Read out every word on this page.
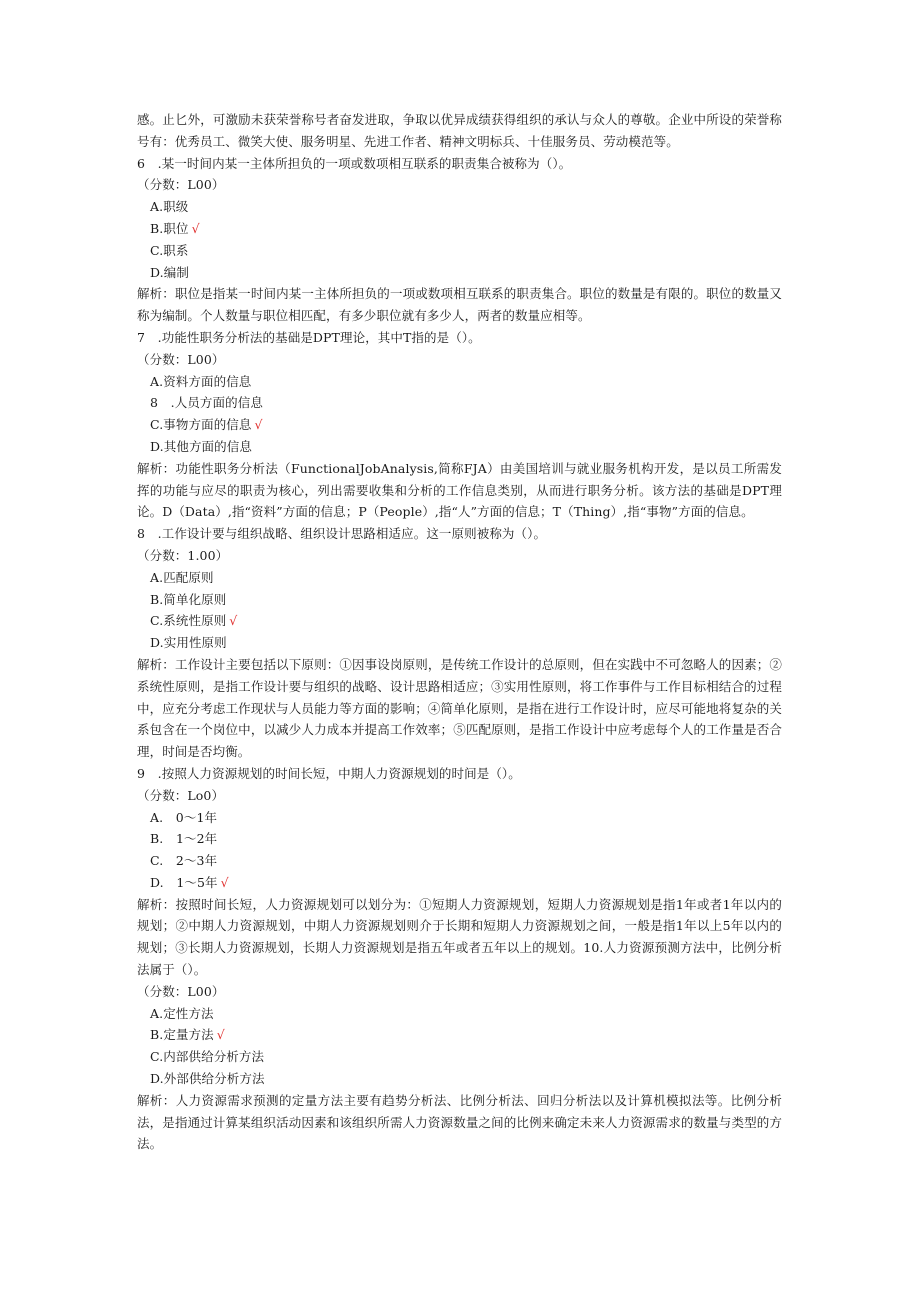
感。止匕外，可激励未获荣誉称号者奋发进取，争取以优异成绩获得组织的承认与众人的尊敬。企业中所设的荣誉称号有：优秀员工、微笑大使、服务明星、先进工作者、精神文明标兵、十佳服务员、劳动模范等。
6　.某一时间内某一主体所担负的一项或数项相互联系的职责集合被称为（）。
（分数：L00）
A.职级
B.职位 √
C.职系
D.编制
解析：职位是指某一时间内某一主体所担负的一项或数项相互联系的职责集合。职位的数量是有限的。职位的数量又称为编制。个人数量与职位相匹配，有多少职位就有多少人，两者的数量应相等。
7　.功能性职务分析法的基础是DPT理论，其中T指的是（）。
（分数：L00）
A.资料方面的信息
8　.人员方面的信息
C.事物方面的信息 √
D.其他方面的信息
解析：功能性职务分析法（FunctionalJobAnalysis,简称FJA）由美国培训与就业服务机构开发，是以员工所需发挥的功能与应尽的职责为核心，列出需要收集和分析的工作信息类别，从而进行职务分析。该方法的基础是DPT理论。D（Data）,指“资料”方面的信息；P（People）,指“人”方面的信息；T（Thing）,指“事物”方面的信息。
8　.工作设计要与组织战略、组织设计思路相适应。这一原则被称为（）。
（分数：1.00）
A.匹配原则
B.简单化原则
C.系统性原则 √
D.实用性原则
解析：工作设计主要包括以下原则：①因事设岗原则，是传统工作设计的总原则，但在实践中不可忽略人的因素；②系统性原则，是指工作设计要与组织的战略、设计思路相适应；③实用性原则，将工作事件与工作目标相结合的过程中，应充分考虑工作现状与人员能力等方面的影响；④简单化原则，是指在进行工作设计时，应尽可能地将复杂的关系包含在一个岗位中，以减少人力成本并提高工作效率；⑤匹配原则，是指工作设计中应考虑每个人的工作量是否合理，时间是否均衡。
9　.按照人力资源规划的时间长短，中期人力资源规划的时间是（）。
（分数：Lo0）
A.　0〜1年
B.　1〜2年
C.　2〜3年
D.　1〜5年 √
解析：按照时间长短，人力资源规划可以划分为：①短期人力资源规划，短期人力资源规划是指1年或者1年以内的规划；②中期人力资源规划，中期人力资源规划则介于长期和短期人力资源规划之间，一般是指1年以上5年以内的规划；③长期人力资源规划，长期人力资源规划是指五年或者五年以上的规划。10.人力资源预测方法中，比例分析法属于（）。
（分数：L00）
A.定性方法
B.定量方法 √
C.内部供给分析方法
D.外部供给分析方法
解析：人力资源需求预测的定量方法主要有趋势分析法、比例分析法、回归分析法以及计算机模拟法等。比例分析法，是指通过计算某组织活动因素和该组织所需人力资源数量之间的比例来确定未来人力资源需求的数量与类型的方法。
